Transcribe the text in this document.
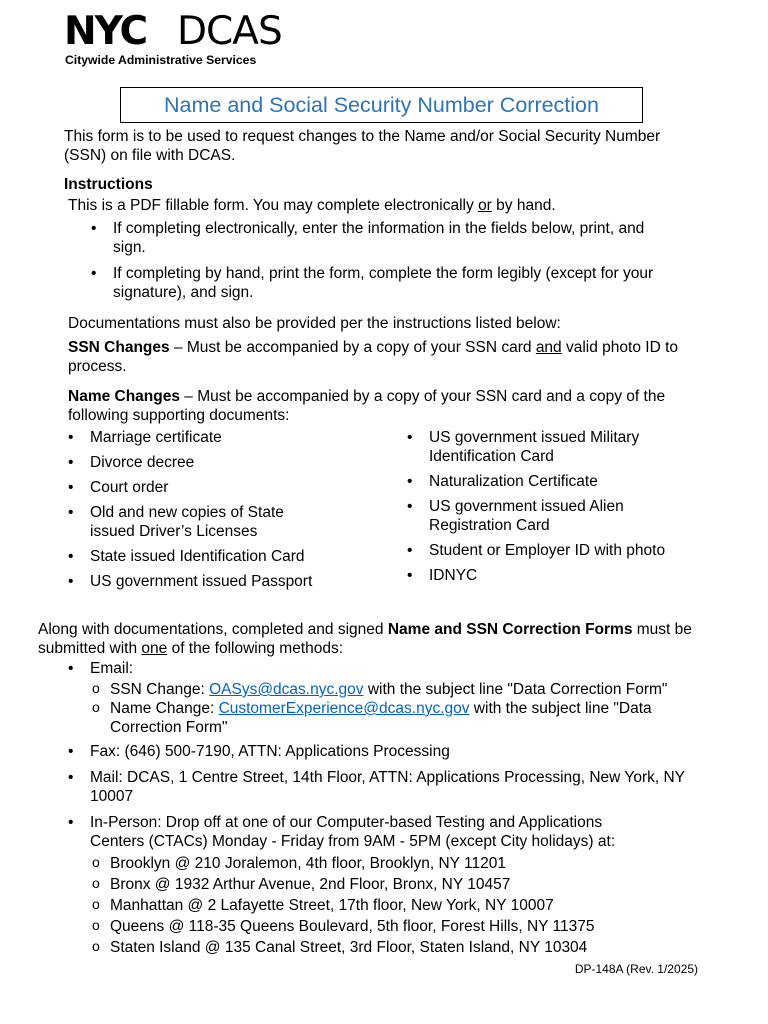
NYC DCAS
Citywide Administrative Services
Name and Social Security Number Correction

This form is to be used to request changes to the Name and/or Social Security Number (SSN) on file with DCAS.

Instructions

This is a PDF fillable form. You may complete electronically or by hand.

• If completing electronically, enter the information in the fields below, print, and sign.
• If completing by hand, print the form, complete the form legibly (except for your signature), and sign.

Documentations must also be provided per the instructions listed below:

SSN Changes – Must be accompanied by a copy of your SSN card and valid photo ID to process.

Name Changes – Must be accompanied by a copy of your SSN card and a copy of the following supporting documents:

• Marriage certificate
• Divorce decree
• Court order
• Old and new copies of State issued Driver’s Licenses
• State issued Identification Card
• US government issued Passport
• US government issued Military Identification Card
• Naturalization Certificate
• US government issued Alien Registration Card
• Student or Employer ID with photo
• IDNYC

Along with documentations, completed and signed Name and SSN Correction Forms must be submitted with one of the following methods:

• Email:
o SSN Change: OASys@dcas.nyc.gov with the subject line "Data Correction Form"
o Name Change: CustomerExperience@dcas.nyc.gov with the subject line "Data Correction Form"
• Fax: (646) 500-7190, ATTN: Applications Processing
• Mail: DCAS, 1 Centre Street, 14th Floor, ATTN: Applications Processing, New York, NY 10007
• In-Person: Drop off at one of our Computer-based Testing and Applications Centers (CTACs) Monday - Friday from 9AM - 5PM (except City holidays) at:
o Brooklyn @ 210 Joralemon, 4th floor, Brooklyn, NY 11201
o Bronx @ 1932 Arthur Avenue, 2nd Floor, Bronx, NY 10457
o Manhattan @ 2 Lafayette Street, 17th floor, New York, NY 10007
o Queens @ 118-35 Queens Boulevard, 5th floor, Forest Hills, NY 11375
o Staten Island @ 135 Canal Street, 3rd Floor, Staten Island, NY 10304
DP-148A (Rev. 1/2025)
